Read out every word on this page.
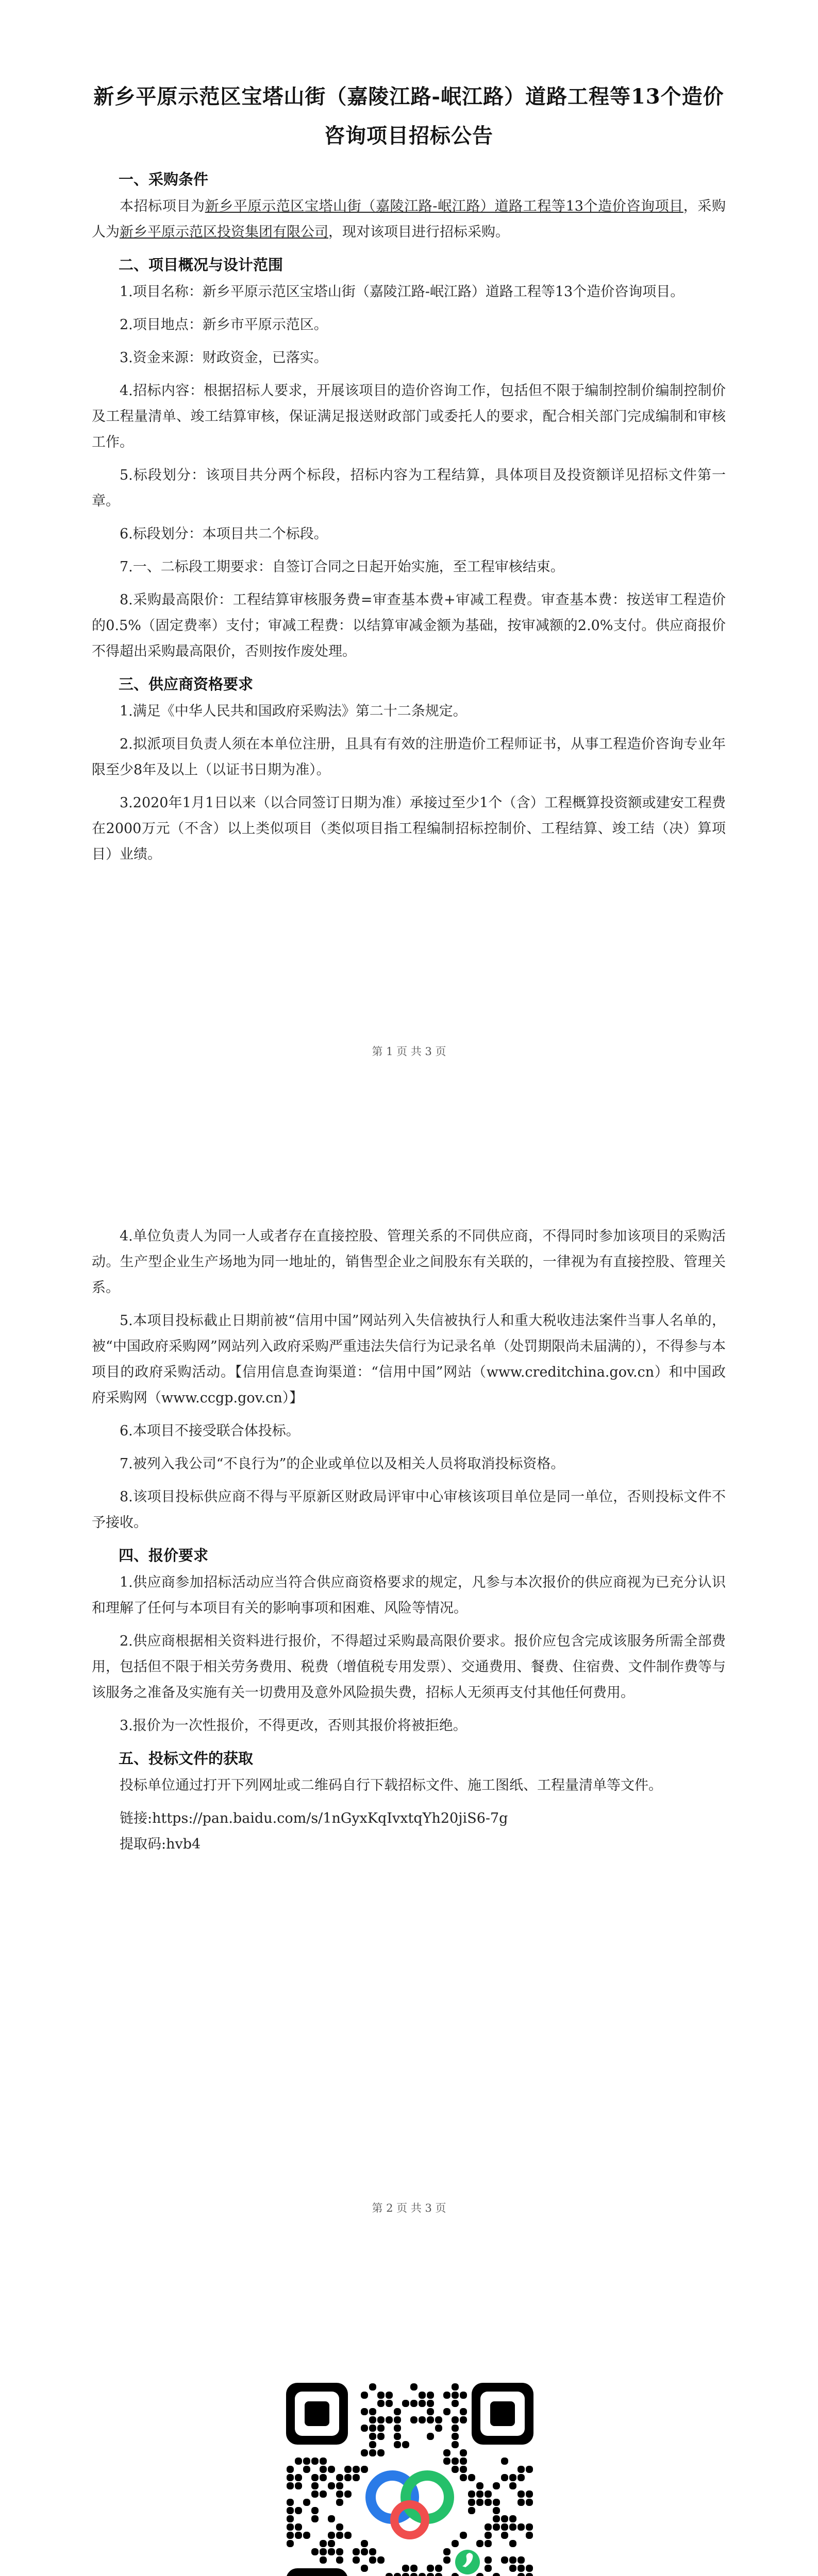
新乡平原示范区宝塔山街（嘉陵江路-岷江路）道路工程等13个造价
咨询项目招标公告
一、采购条件

本招标项目为新乡平原示范区宝塔山街（嘉陵江路-岷江路）道路工程等13个造价咨询项目，采购人为新乡平原示范区投资集团有限公司，现对该项目进行招标采购。

二、项目概况与设计范围

1.项目名称：新乡平原示范区宝塔山街（嘉陵江路-岷江路）道路工程等13个造价咨询项目。

2.项目地点：新乡市平原示范区。

3.资金来源：财政资金，已落实。

4.招标内容：根据招标人要求，开展该项目的造价咨询工作，包括但不限于编制控制价编制控制价及工程量清单、竣工结算审核，保证满足报送财政部门或委托人的要求，配合相关部门完成编制和审核工作。

5.标段划分：该项目共分两个标段，招标内容为工程结算，具体项目及投资额详见招标文件第一章。

6.标段划分：本项目共二个标段。

7.一、二标段工期要求：自签订合同之日起开始实施，至工程审核结束。

8.采购最高限价：工程结算审核服务费=审查基本费+审减工程费。审查基本费：按送审工程造价的0.5%（固定费率）支付；审减工程费：以结算审减金额为基础，按审减额的2.0%支付。供应商报价不得超出采购最高限价，否则按作废处理。

三、供应商资格要求

1.满足《中华人民共和国政府采购法》第二十二条规定。

2.拟派项目负责人须在本单位注册，且具有有效的注册造价工程师证书，从事工程造价咨询专业年限至少8年及以上（以证书日期为准）。

3.2020年1月1日以来（以合同签订日期为准）承接过至少1个（含）工程概算投资额或建安工程费在2000万元（不含）以上类似项目（类似项目指工程编制招标控制价、工程结算、竣工结（决）算项目）业绩。

第 1 页 共 3 页

4.单位负责人为同一人或者存在直接控股、管理关系的不同供应商，不得同时参加该项目的采购活动。生产型企业生产场地为同一地址的，销售型企业之间股东有关联的，一律视为有直接控股、管理关系。

5.本项目投标截止日期前被“信用中国”网站列入失信被执行人和重大税收违法案件当事人名单的，被“中国政府采购网”网站列入政府采购严重违法失信行为记录名单（处罚期限尚未届满的），不得参与本项目的政府采购活动。【信用信息查询渠道：“信用中国”网站（www.creditchina.gov.cn）和中国政府采购网（www.ccgp.gov.cn）】

6.本项目不接受联合体投标。

7.被列入我公司“不良行为”的企业或单位以及相关人员将取消投标资格。

8.该项目投标供应商不得与平原新区财政局评审中心审核该项目单位是同一单位，否则投标文件不予接收。

四、报价要求

1.供应商参加招标活动应当符合供应商资格要求的规定，凡参与本次报价的供应商视为已充分认识和理解了任何与本项目有关的影响事项和困难、风险等情况。

2.供应商根据相关资料进行报价，不得超过采购最高限价要求。报价应包含完成该服务所需全部费用，包括但不限于相关劳务费用、税费（增值税专用发票）、交通费用、餐费、住宿费、文件制作费等与该服务之准备及实施有关一切费用及意外风险损失费，招标人无须再支付其他任何费用。

3.报价为一次性报价，不得更改，否则其报价将被拒绝。

五、投标文件的获取

投标单位通过打开下列网址或二维码自行下载招标文件、施工图纸、工程量清单等文件。

链接:https://pan.baidu.com/s/1nGyxKqIvxtqYh20jiS6-7g

提取码:hvb4

第 2 页 共 3 页
